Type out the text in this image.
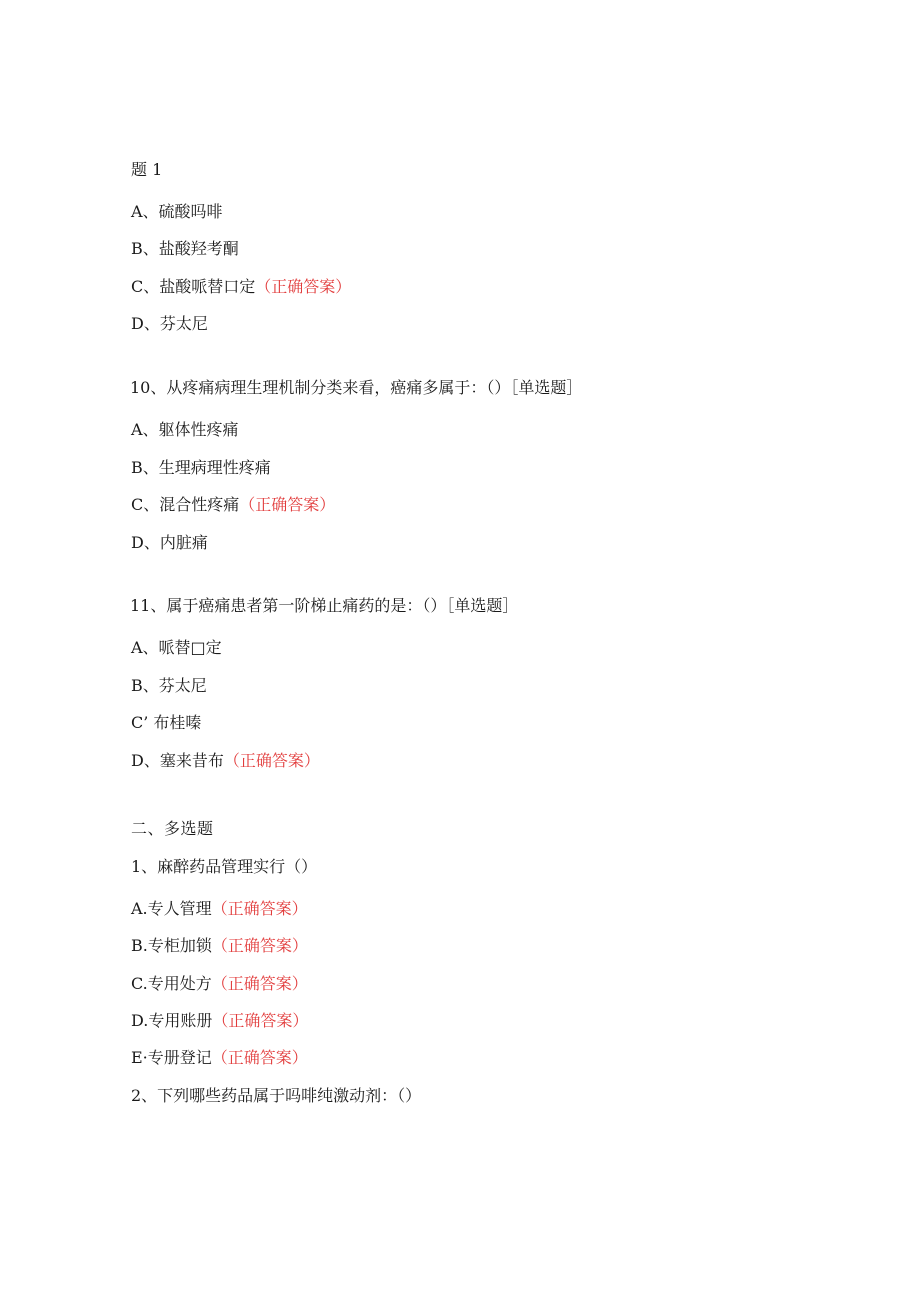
题 1
A、硫酸吗啡
B、盐酸羟考酮
C、盐酸哌替口定（正确答案）
D、芬太尼
10、从疼痛病理生理机制分类来看，癌痛多属于：（）［单选题］
A、躯体性疼痛
B、生理病理性疼痛
C、混合性疼痛（正确答案）
D、内脏痛
11、属于癌痛患者第一阶梯止痛药的是：（）［单选题］
A、哌替□定
B、芬太尼
C’ 布桂嗪
D、塞来昔布（正确答案）
二、多选题
1、麻醉药品管理实行（）
A.专人管理（正确答案）
B.专柜加锁（正确答案）
C.专用处方（正确答案）
D.专用账册（正确答案）
E·专册登记（正确答案）
2、下列哪些药品属于吗啡纯激动剂：（）
